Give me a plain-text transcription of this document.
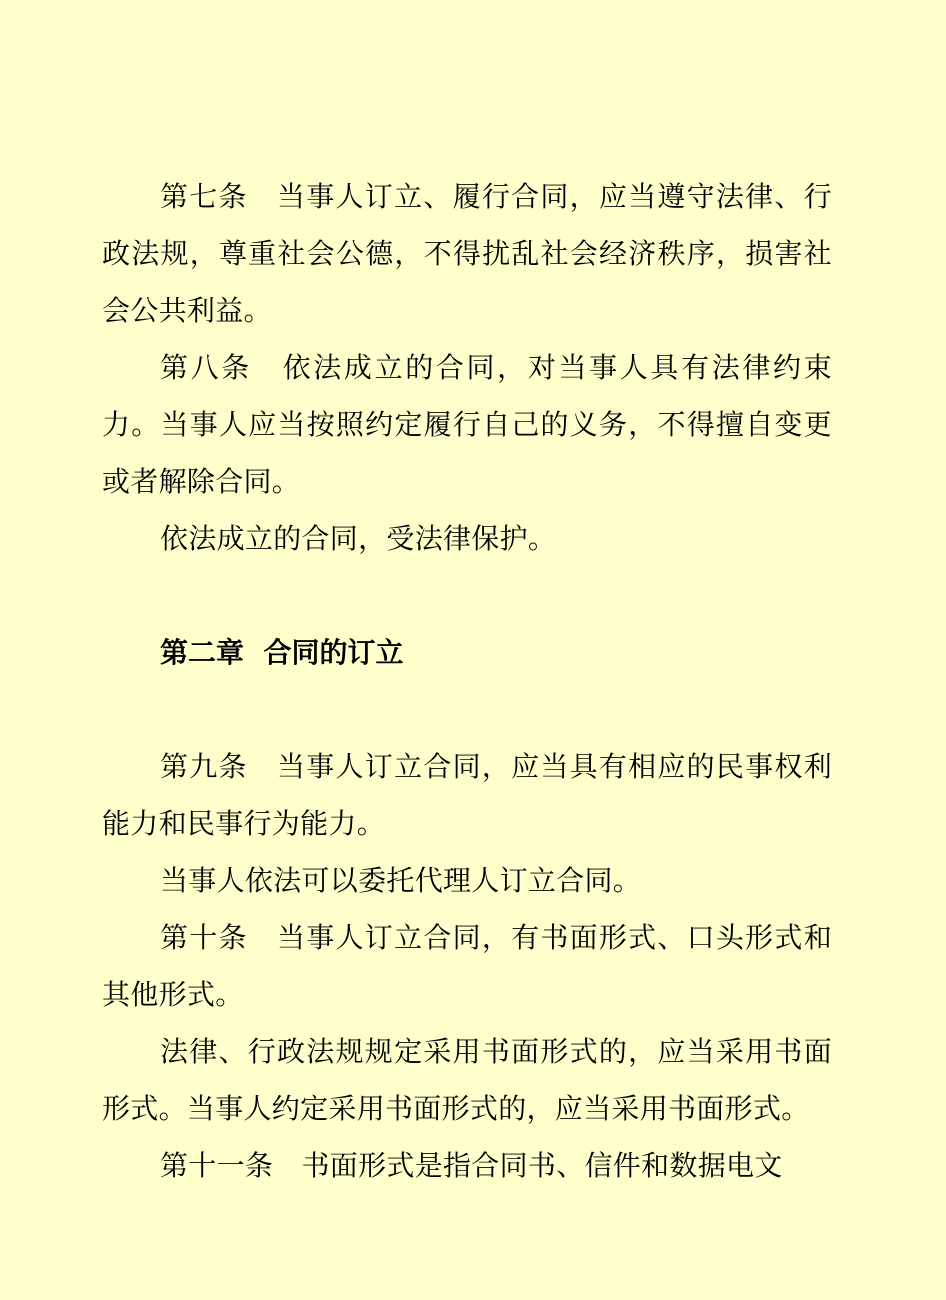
第七条　当事人订立、履行合同，应当遵守法律、行政法规，尊重社会公德，不得扰乱社会经济秩序，损害社会公共利益。

第八条　依法成立的合同，对当事人具有法律约束力。当事人应当按照约定履行自己的义务，不得擅自变更或者解除合同。

依法成立的合同，受法律保护。

第二章  合同的订立

第九条　当事人订立合同，应当具有相应的民事权利能力和民事行为能力。

当事人依法可以委托代理人订立合同。

第十条　当事人订立合同，有书面形式、口头形式和其他形式。

法律、行政法规规定采用书面形式的，应当采用书面形式。当事人约定采用书面形式的，应当采用书面形式。

第十一条　书面形式是指合同书、信件和数据电文
